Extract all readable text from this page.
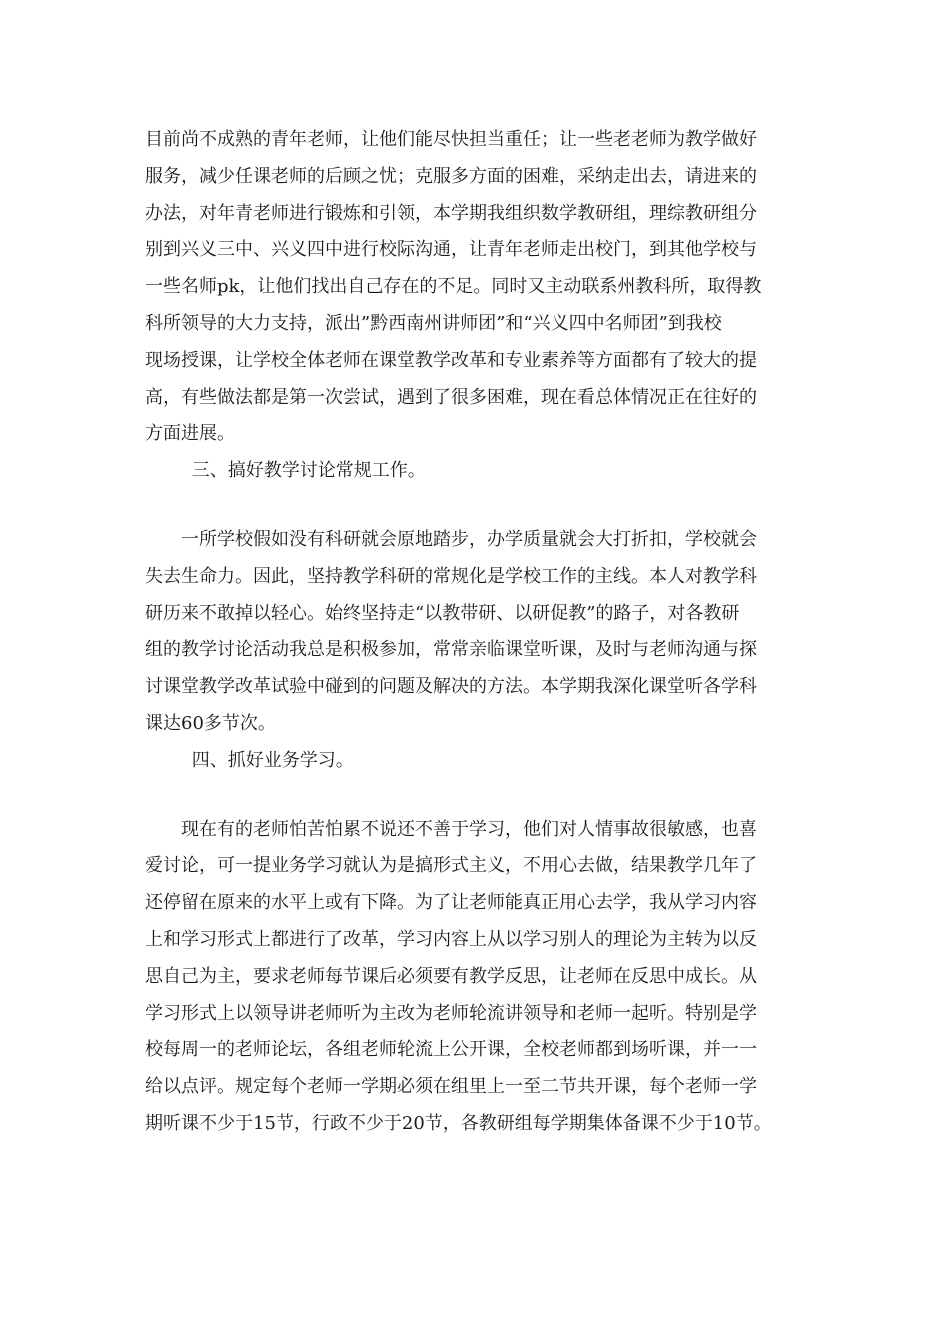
目前尚不成熟的青年老师，让他们能尽快担当重任；让一些老老师为教学做好
服务，减少任课老师的后顾之忧；克服多方面的困难，采纳走出去，请进来的
办法，对年青老师进行锻炼和引领，本学期我组织数学教研组，理综教研组分
别到兴义三中、兴义四中进行校际沟通，让青年老师走出校门，到其他学校与
一些名师pk，让他们找出自己存在的不足。同时又主动联系州教科所，取得教
科所领导的大力支持，派出”黔西南州讲师团”和“兴义四中名师团”到我校
现场授课，让学校全体老师在课堂教学改革和专业素养等方面都有了较大的提
高，有些做法都是第一次尝试，遇到了很多困难，现在看总体情况正在往好的
方面进展。

三、搞好教学讨论常规工作。

一所学校假如没有科研就会原地踏步，办学质量就会大打折扣，学校就会
失去生命力。因此，坚持教学科研的常规化是学校工作的主线。本人对教学科
研历来不敢掉以轻心。始终坚持走“以教带研、以研促教”的路子，对各教研
组的教学讨论活动我总是积极参加，常常亲临课堂听课，及时与老师沟通与探
讨课堂教学改革试验中碰到的问题及解决的方法。本学期我深化课堂听各学科
课达60多节次。

四、抓好业务学习。

现在有的老师怕苦怕累不说还不善于学习，他们对人情事故很敏感，也喜
爱讨论，可一提业务学习就认为是搞形式主义，不用心去做，结果教学几年了
还停留在原来的水平上或有下降。为了让老师能真正用心去学，我从学习内容
上和学习形式上都进行了改革，学习内容上从以学习别人的理论为主转为以反
思自己为主，要求老师每节课后必须要有教学反思，让老师在反思中成长。从
学习形式上以领导讲老师听为主改为老师轮流讲领导和老师一起听。特别是学
校每周一的老师论坛，各组老师轮流上公开课，全校老师都到场听课，并一一
给以点评。规定每个老师一学期必须在组里上一至二节共开课，每个老师一学
期听课不少于15节，行政不少于20节，各教研组每学期集体备课不少于10节。
